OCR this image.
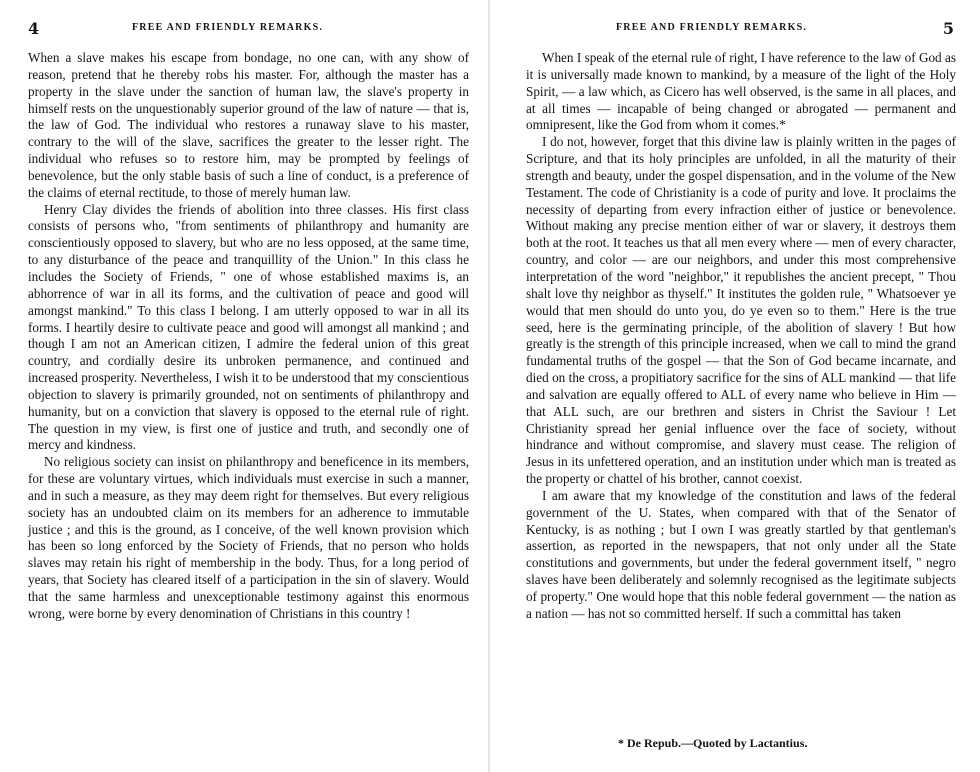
4	FREE AND FRIENDLY REMARKS.

When a slave makes his escape from bondage, no one can, with any show of reason, pretend that he thereby robs his master. For, although the master has a property in the slave under the sanction of human law, the slave's property in himself rests on the unquestionably superior ground of the law of nature — that is, the law of God. The individual who restores a runaway slave to his master, contrary to the will of the slave, sacrifices the greater to the lesser right. The individual who refuses so to restore him, may be prompted by feelings of benevolence, but the only stable basis of such a line of conduct, is a preference of the claims of eternal rectitude, to those of merely human law.

Henry Clay divides the friends of abolition into three classes. His first class consists of persons who, "from sentiments of philanthropy and humanity are conscientiously opposed to slavery, but who are no less opposed, at the same time, to any disturbance of the peace and tranquillity of the Union." In this class he includes the Society of Friends, " one of whose established maxims is, an abhorrence of war in all its forms, and the cultivation of peace and good will amongst mankind." To this class I belong. I am utterly opposed to war in all its forms. I heartily desire to cultivate peace and good will amongst all mankind ; and though I am not an American citizen, I admire the federal union of this great country, and cordially desire its unbroken permanence, and continued and increased prosperity. Nevertheless, I wish it to be understood that my conscientious objection to slavery is primarily grounded, not on sentiments of philanthropy and humanity, but on a conviction that slavery is opposed to the eternal rule of right. The question in my view, is first one of justice and truth, and secondly one of mercy and kindness.

No religious society can insist on philanthropy and beneficence in its members, for these are voluntary virtues, which individuals must exercise in such a manner, and in such a measure, as they may deem right for themselves. But every religious society has an undoubted claim on its members for an adherence to immutable justice ; and this is the ground, as I conceive, of the well known provision which has been so long enforced by the Society of Friends, that no person who holds slaves may retain his right of membership in the body. Thus, for a long period of years, that Society has cleared itself of a participation in the sin of slavery. Would that the same harmless and unexceptionable testimony against this enormous wrong, were borne by every denomination of Christians in this country !

FREE AND FRIENDLY REMARKS.	5

When I speak of the eternal rule of right, I have reference to the law of God as it is universally made known to mankind, by a measure of the light of the Holy Spirit, — a law which, as Cicero has well observed, is the same in all places, and at all times — incapable of being changed or abrogated — permanent and omnipresent, like the God from whom it comes.*

I do not, however, forget that this divine law is plainly written in the pages of Scripture, and that its holy principles are unfolded, in all the maturity of their strength and beauty, under the gospel dispensation, and in the volume of the New Testament. The code of Christianity is a code of purity and love. It proclaims the necessity of departing from every infraction either of justice or benevolence. Without making any precise mention either of war or slavery, it destroys them both at the root. It teaches us that all men every where — men of every character, country, and color — are our neighbors, and under this most comprehensive interpretation of the word "neighbor," it republishes the ancient precept, " Thou shalt love thy neighbor as thyself." It institutes the golden rule, " Whatsoever ye would that men should do unto you, do ye even so to them." Here is the true seed, here is the germinating principle, of the abolition of slavery ! But how greatly is the strength of this principle increased, when we call to mind the grand fundamental truths of the gospel — that the Son of God became incarnate, and died on the cross, a propitiatory sacrifice for the sins of ALL mankind — that life and salvation are equally offered to ALL of every name who believe in Him — that ALL such, are our brethren and sisters in Christ the Saviour ! Let Christianity spread her genial influence over the face of society, without hindrance and without compromise, and slavery must cease. The religion of Jesus in its unfettered operation, and an institution under which man is treated as the property or chattel of his brother, cannot coexist.

I am aware that my knowledge of the constitution and laws of the federal government of the U. States, when compared with that of the Senator of Kentucky, is as nothing ; but I own I was greatly startled by that gentleman's assertion, as reported in the newspapers, that not only under all the State constitutions and governments, but under the federal government itself, " negro slaves have been deliberately and solemnly recognised as the legitimate subjects of property." One would hope that this noble federal government — the nation as a nation — has not so committed herself. If such a committal has taken

* De Repub.—Quoted by Lactantius.
